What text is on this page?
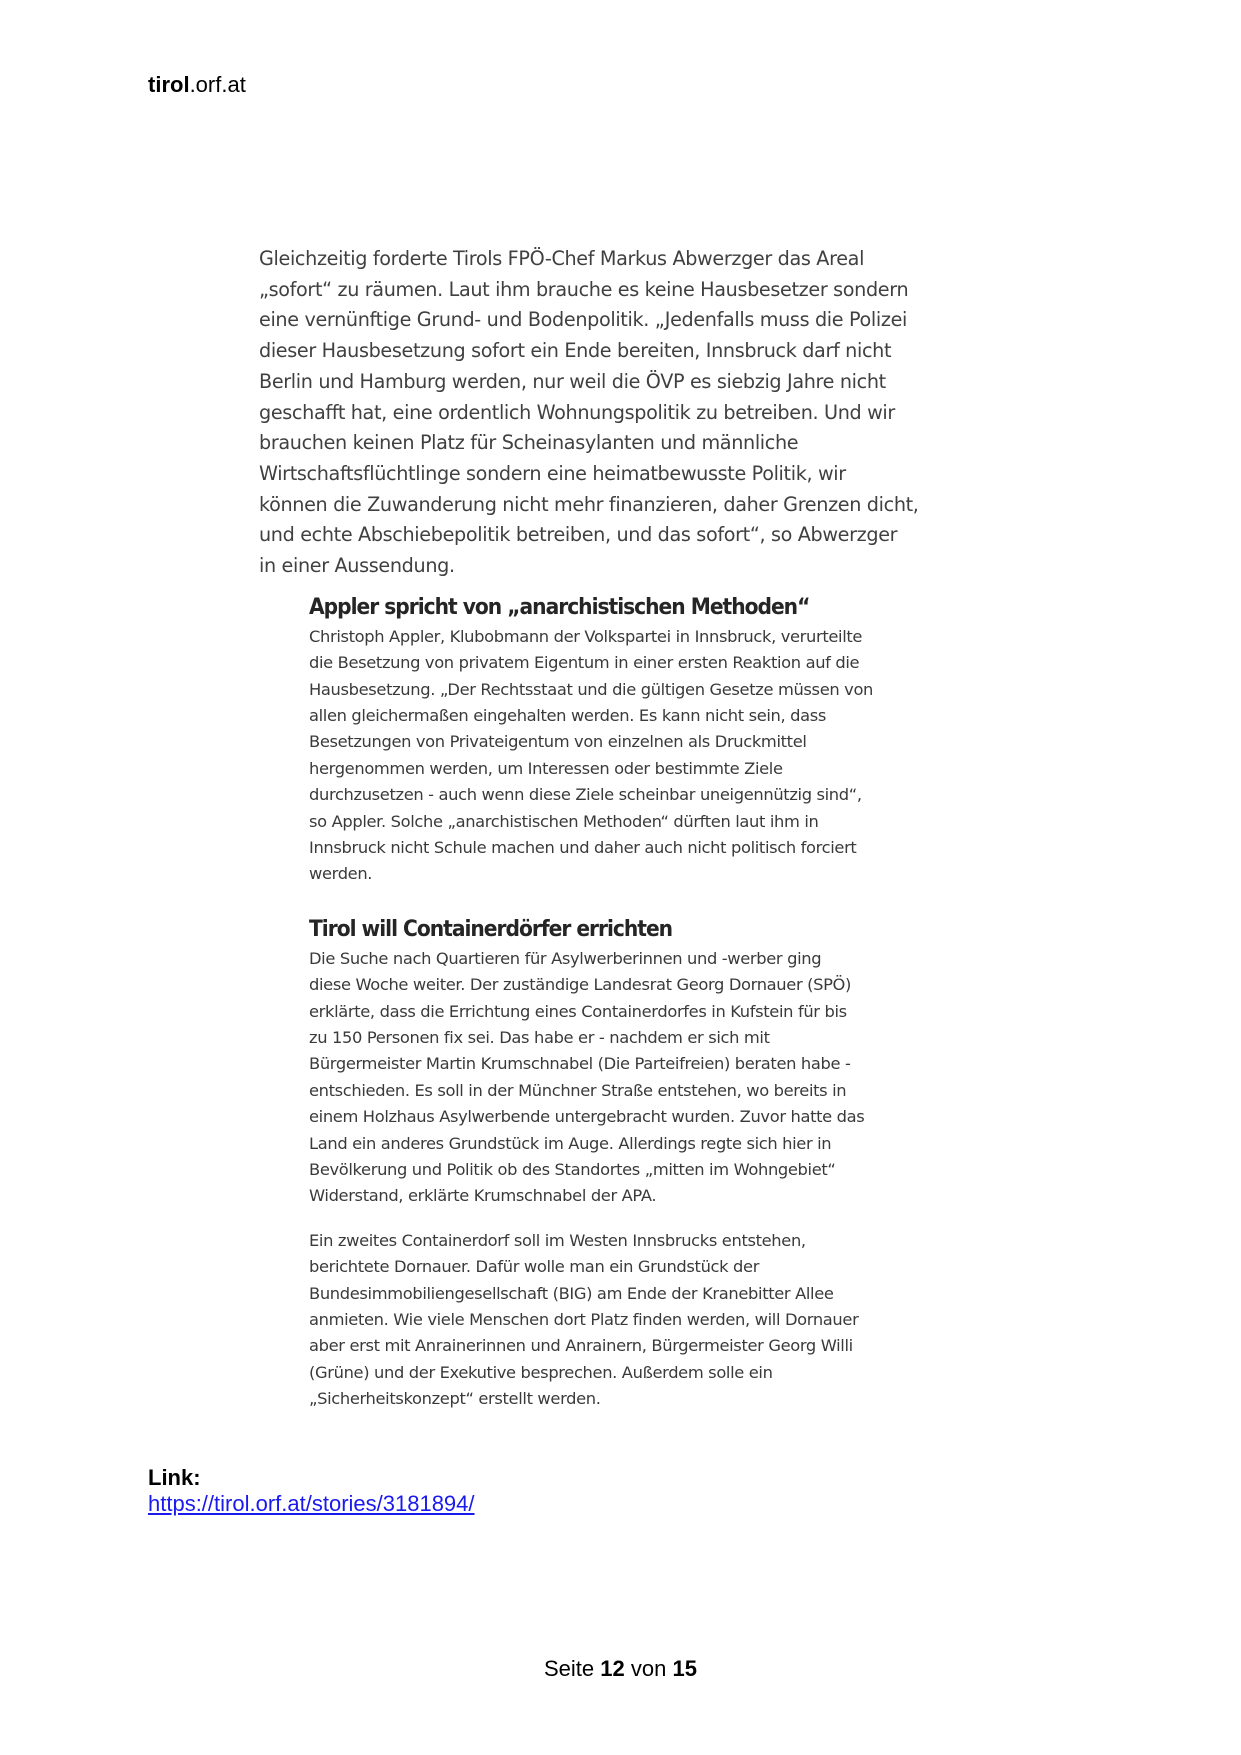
tirol.orf.at

Gleichzeitig forderte Tirols FPÖ-Chef Markus Abwerzger das Areal
„sofort“ zu räumen. Laut ihm brauche es keine Hausbesetzer sondern
eine vernünftige Grund- und Bodenpolitik. „Jedenfalls muss die Polizei
dieser Hausbesetzung sofort ein Ende bereiten, Innsbruck darf nicht
Berlin und Hamburg werden, nur weil die ÖVP es siebzig Jahre nicht
geschafft hat, eine ordentlich Wohnungspolitik zu betreiben. Und wir
brauchen keinen Platz für Scheinasylanten und männliche
Wirtschaftsflüchtlinge sondern eine heimatbewusste Politik, wir
können die Zuwanderung nicht mehr finanzieren, daher Grenzen dicht,
und echte Abschiebepolitik betreiben, und das sofort“, so Abwerzger
in einer Aussendung.

Appler spricht von „anarchistischen Methoden“

Christoph Appler, Klubobmann der Volkspartei in Innsbruck, verurteilte
die Besetzung von privatem Eigentum in einer ersten Reaktion auf die
Hausbesetzung. „Der Rechtsstaat und die gültigen Gesetze müssen von
allen gleichermaßen eingehalten werden. Es kann nicht sein, dass
Besetzungen von Privateigentum von einzelnen als Druckmittel
hergenommen werden, um Interessen oder bestimmte Ziele
durchzusetzen - auch wenn diese Ziele scheinbar uneigennützig sind“,
so Appler. Solche „anarchistischen Methoden“ dürften laut ihm in
Innsbruck nicht Schule machen und daher auch nicht politisch forciert
werden.

Tirol will Containerdörfer errichten

Die Suche nach Quartieren für Asylwerberinnen und -werber ging
diese Woche weiter. Der zuständige Landesrat Georg Dornauer (SPÖ)
erklärte, dass die Errichtung eines Containerdorfes in Kufstein für bis
zu 150 Personen fix sei. Das habe er - nachdem er sich mit
Bürgermeister Martin Krumschnabel (Die Parteifreien) beraten habe -
entschieden. Es soll in der Münchner Straße entstehen, wo bereits in
einem Holzhaus Asylwerbende untergebracht wurden. Zuvor hatte das
Land ein anderes Grundstück im Auge. Allerdings regte sich hier in
Bevölkerung und Politik ob des Standortes „mitten im Wohngebiet“
Widerstand, erklärte Krumschnabel der APA.

Ein zweites Containerdorf soll im Westen Innsbrucks entstehen,
berichtete Dornauer. Dafür wolle man ein Grundstück der
Bundesimmobiliengesellschaft (BIG) am Ende der Kranebitter Allee
anmieten. Wie viele Menschen dort Platz finden werden, will Dornauer
aber erst mit Anrainerinnen und Anrainern, Bürgermeister Georg Willi
(Grüne) und der Exekutive besprechen. Außerdem solle ein
„Sicherheitskonzept“ erstellt werden.

Link:
https://tirol.orf.at/stories/3181894/
Seite 12 von 15
